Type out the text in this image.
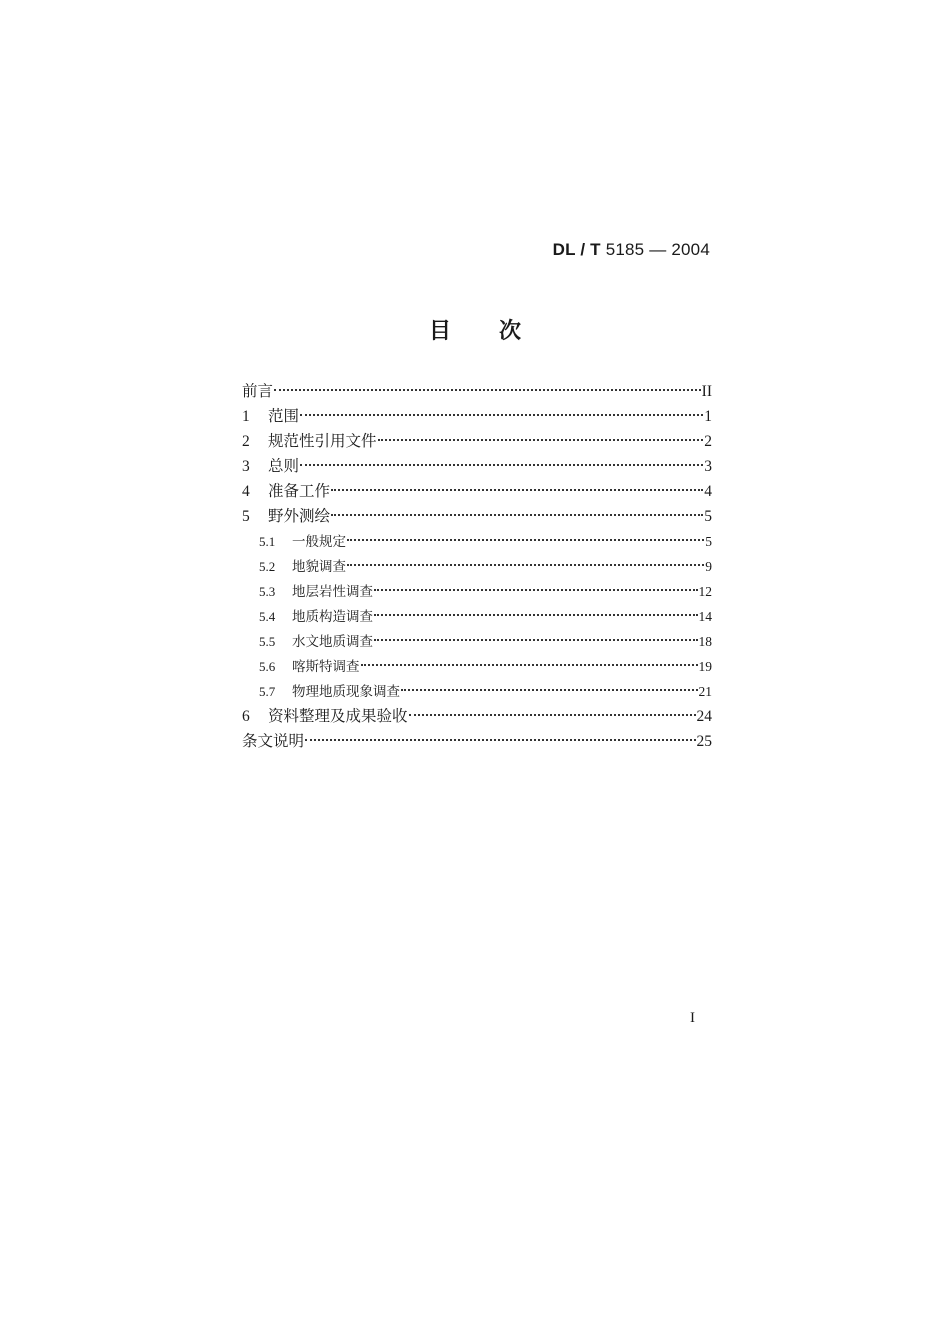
DL / T 5185 — 2004
目次
前言	II
1	范围	1
2	规范性引用文件	2
3	总则	3
4	准备工作	4
5	野外测绘	5
5.1	一般规定	5
5.2	地貌调查	9
5.3	地层岩性调查	12
5.4	地质构造调查	14
5.5	水文地质调查	18
5.6	喀斯特调查	19
5.7	物理地质现象调查	21
6	资料整理及成果验收	24
条文说明	25
I
